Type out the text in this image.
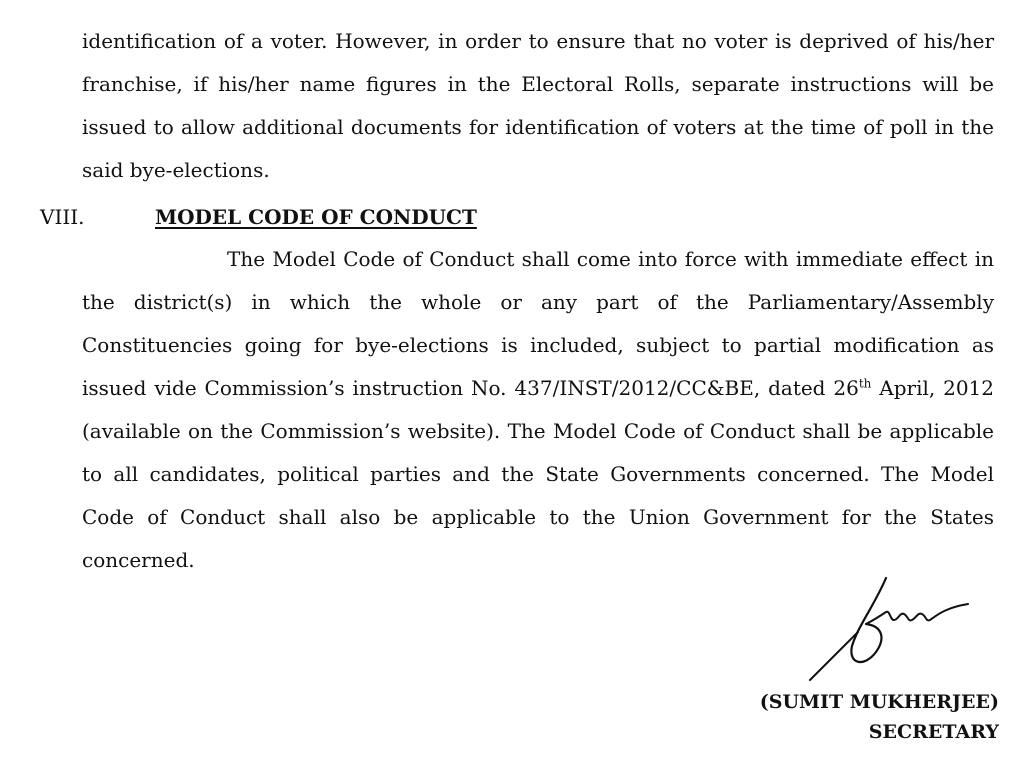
identification of a voter. However, in order to ensure that no voter is deprived of his/her franchise, if his/her name figures in the Electoral Rolls, separate instructions will be issued to allow additional documents for identification of voters at the time of poll in the said bye-elections.

VIII.	MODEL CODE OF CONDUCT

The Model Code of Conduct shall come into force with immediate effect in the district(s) in which the whole or any part of the Parliamentary/Assembly Constituencies going for bye-elections is included, subject to partial modification as issued vide Commission’s instruction No. 437/INST/2012/CC&BE, dated 26th April, 2012 (available on the Commission’s website). The Model Code of Conduct shall be applicable to all candidates, political parties and the State Governments concerned. The Model Code of Conduct shall also be applicable to the Union Government for the States concerned.

(SUMIT MUKHERJEE)
SECRETARY
